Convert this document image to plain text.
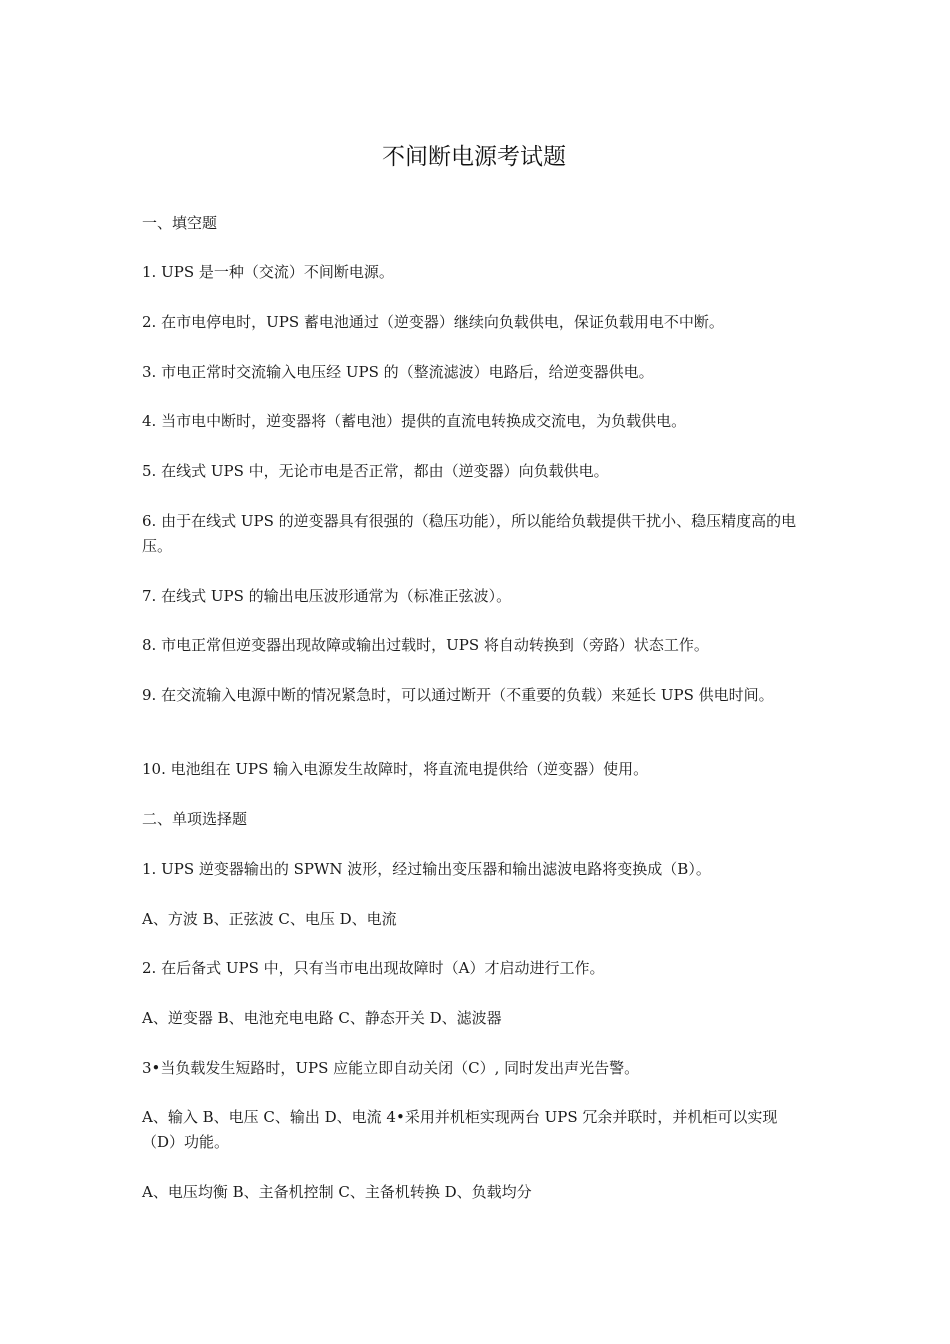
不间断电源考试题

一、填空题

1. UPS 是一种（交流）不间断电源。

2. 在市电停电时，UPS 蓄电池通过（逆变器）继续向负载供电，保证负载用电不中断。

3. 市电正常时交流输入电压经 UPS 的（整流滤波）电路后，给逆变器供电。

4. 当市电中断时，逆变器将（蓄电池）提供的直流电转换成交流电，为负载供电。

5. 在线式 UPS 中，无论市电是否正常，都由（逆变器）向负载供电。

6. 由于在线式 UPS 的逆变器具有很强的（稳压功能），所以能给负载提供干扰小、稳压精度高的电压。

7. 在线式 UPS 的输出电压波形通常为（标准正弦波）。

8. 市电正常但逆变器出现故障或输出过载时，UPS 将自动转换到（旁路）状态工作。

9. 在交流输入电源中断的情况紧急时，可以通过断开（不重要的负载）来延长 UPS 供电时间。

10. 电池组在 UPS 输入电源发生故障时，将直流电提供给（逆变器）使用。

二、单项选择题

1. UPS 逆变器输出的 SPWN 波形，经过输出变压器和输出滤波电路将变换成（B）。

A、方波 B、正弦波 C、电压 D、电流

2. 在后备式 UPS 中，只有当市电出现故障时（A）才启动进行工作。

A、逆变器 B、电池充电电路 C、静态开关 D、滤波器

3•当负载发生短路时，UPS 应能立即自动关闭（C）, 同时发出声光告警。

A、输入 B、电压 C、输出 D、电流 4•采用并机柜实现两台 UPS 冗余并联时，并机柜可以实现（D）功能。

A、电压均衡 B、主备机控制 C、主备机转换 D、负载均分
